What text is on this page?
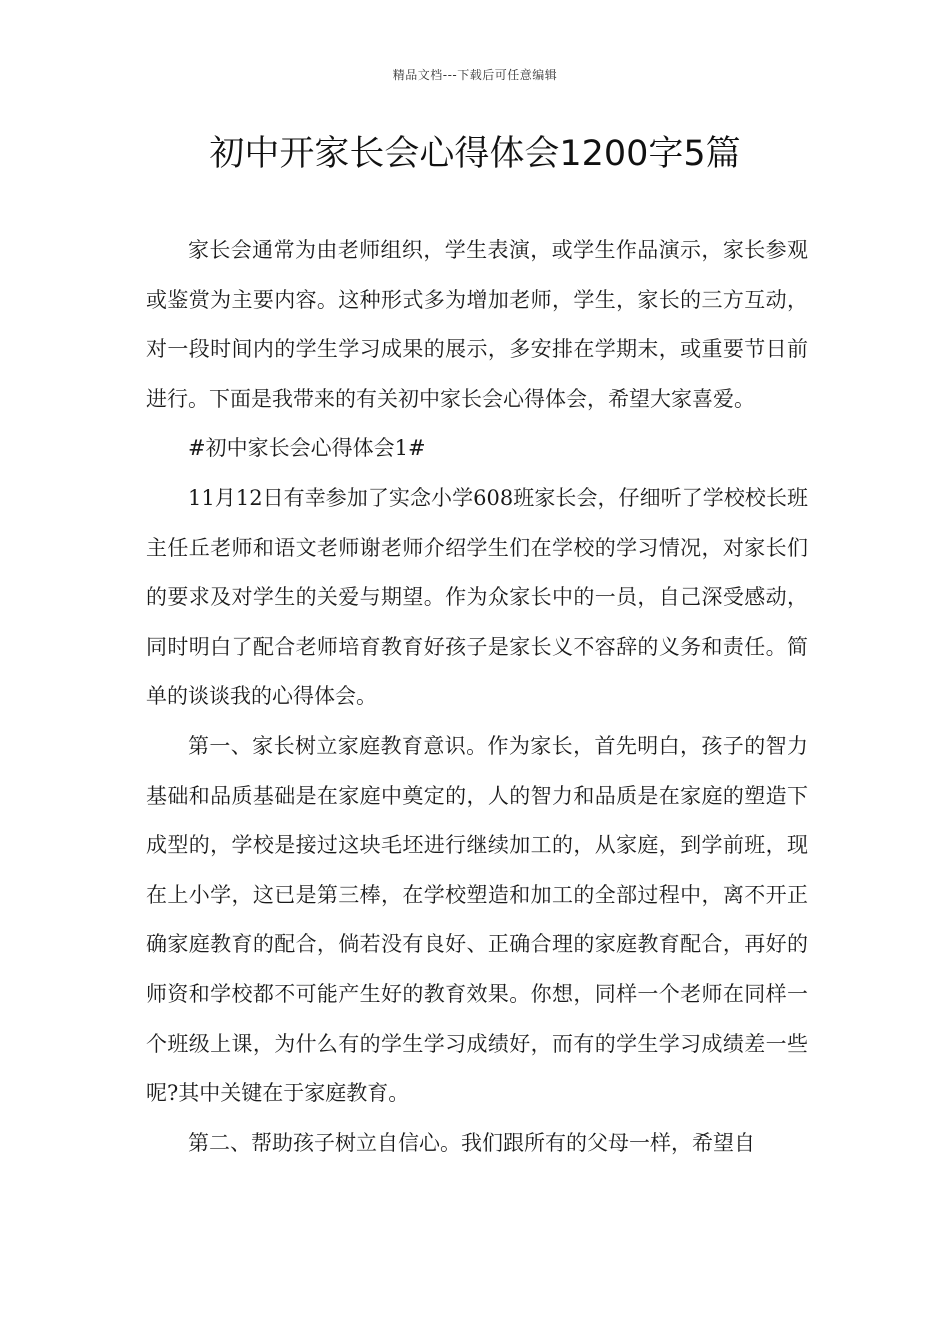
精品文档---下载后可任意编辑
初中开家长会心得体会1200字5篇

家长会通常为由老师组织，学生表演，或学生作品演示，家长参观或鉴赏为主要内容。这种形式多为增加老师，学生，家长的三方互动，对一段时间内的学生学习成果的展示，多安排在学期末，或重要节日前进行。下面是我带来的有关初中家长会心得体会，希望大家喜爱。

#初中家长会心得体会1#

11月12日有幸参加了实念小学608班家长会，仔细听了学校校长班主任丘老师和语文老师谢老师介绍学生们在学校的学习情况，对家长们的要求及对学生的关爱与期望。作为众家长中的一员，自己深受感动，同时明白了配合老师培育教育好孩子是家长义不容辞的义务和责任。简单的谈谈我的心得体会。

第一、家长树立家庭教育意识。作为家长，首先明白，孩子的智力基础和品质基础是在家庭中奠定的，人的智力和品质是在家庭的塑造下成型的，学校是接过这块毛坯进行继续加工的，从家庭，到学前班，现在上小学，这已是第三棒，在学校塑造和加工的全部过程中，离不开正确家庭教育的配合，倘若没有良好、正确合理的家庭教育配合，再好的师资和学校都不可能产生好的教育效果。你想，同样一个老师在同样一个班级上课，为什么有的学生学习成绩好，而有的学生学习成绩差一些呢?其中关键在于家庭教育。

第二、帮助孩子树立自信心。我们跟所有的父母一样，希望自
